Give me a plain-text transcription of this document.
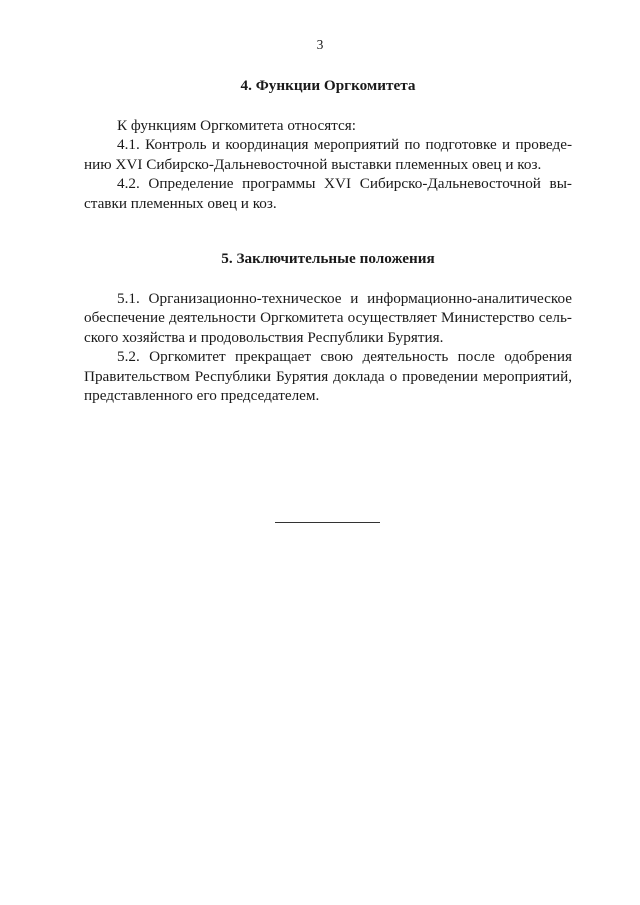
3
4. Функции Оргкомитета
К функциям Оргкомитета относятся:
4.1. Контроль и координация мероприятий по подготовке и проведе-
нию XVI Сибирско-Дальневосточной выставки племенных овец и коз.
4.2. Определение программы XVI Сибирско-Дальневосточной вы-
ставки племенных овец и коз.
5. Заключительные положения
5.1. Организационно-техническое и информационно-аналитическое
обеспечение деятельности Оргкомитета осуществляет Министерство сель-
ского хозяйства и продовольствия Республики Бурятия.
5.2. Оргкомитет прекращает свою деятельность после одобрения
Правительством Республики Бурятия доклада о проведении мероприятий,
представленного его председателем.
